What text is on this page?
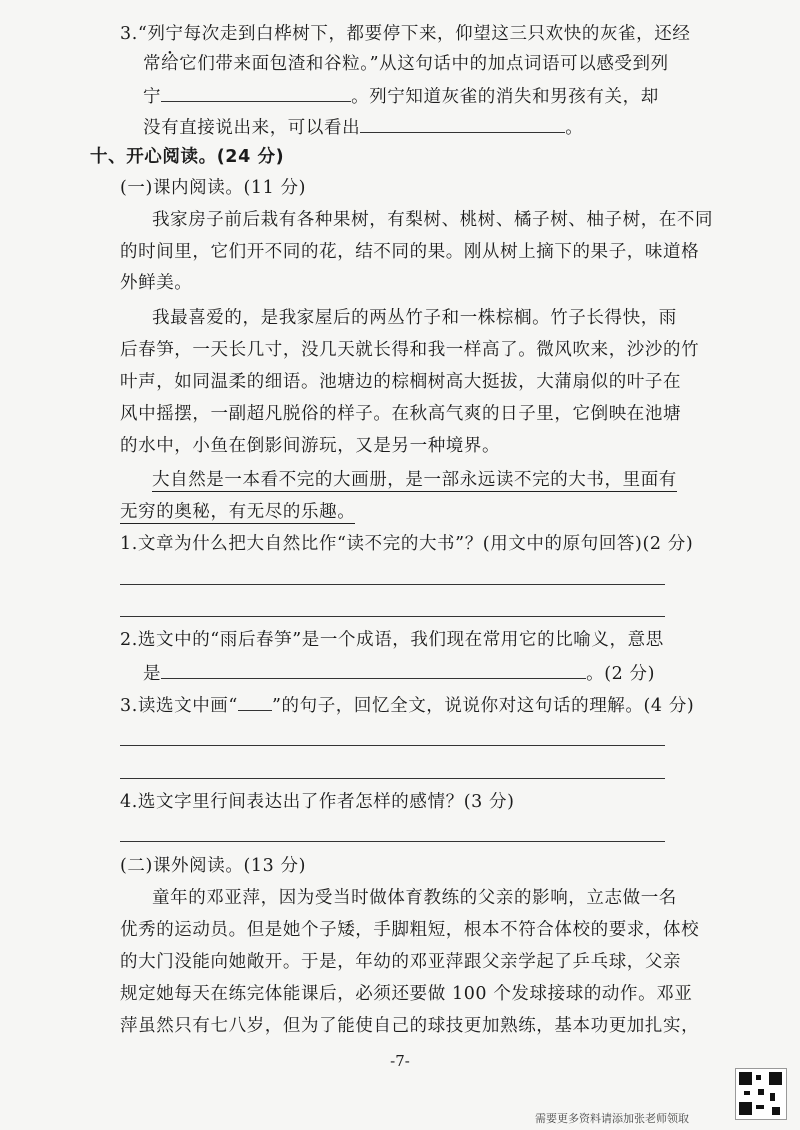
3.“列宁每次走到白桦树下，都要停下来，仰望这三只欢快的灰雀，还经
常给它们带来面包渣和谷粒。”从这句话中的加点词语可以感受到列
宁	。列宁知道灰雀的消失和男孩有关，却
没有直接说出来，可以看出	。
十、开心阅读。(24 分)
(一)课内阅读。(11 分)
我家房子前后栽有各种果树，有梨树、桃树、橘子树、柚子树，在不同
的时间里，它们开不同的花，结不同的果。刚从树上摘下的果子，味道格
外鲜美。
我最喜爱的，是我家屋后的两丛竹子和一株棕榈。竹子长得快，雨
后春笋，一天长几寸，没几天就长得和我一样高了。微风吹来，沙沙的竹
叶声，如同温柔的细语。池塘边的棕榈树高大挺拔，大蒲扇似的叶子在
风中摇摆，一副超凡脱俗的样子。在秋高气爽的日子里，它倒映在池塘
的水中，小鱼在倒影间游玩，又是另一种境界。
大自然是一本看不完的大画册，是一部永远读不完的大书，里面有
无穷的奥秘，有无尽的乐趣。
1.文章为什么把大自然比作“读不完的大书”？(用文中的原句回答)(2 分)
2.选文中的“雨后春笋”是一个成语，我们现在常用它的比喻义，意思
是	。(2 分)
3.读选文中画“ ”的句子，回忆全文，说说你对这句话的理解。(4 分)
4.选文字里行间表达出了作者怎样的感情？(3 分)
(二)课外阅读。(13 分)
童年的邓亚萍，因为受当时做体育教练的父亲的影响，立志做一名
优秀的运动员。但是她个子矮，手脚粗短，根本不符合体校的要求，体校
的大门没能向她敞开。于是，年幼的邓亚萍跟父亲学起了乒乓球，父亲
规定她每天在练完体能课后，必须还要做 100 个发球接球的动作。邓亚
萍虽然只有七八岁，但为了能使自己的球技更加熟练，基本功更加扎实，
-7-
需要更多资料请添加张老师领取
